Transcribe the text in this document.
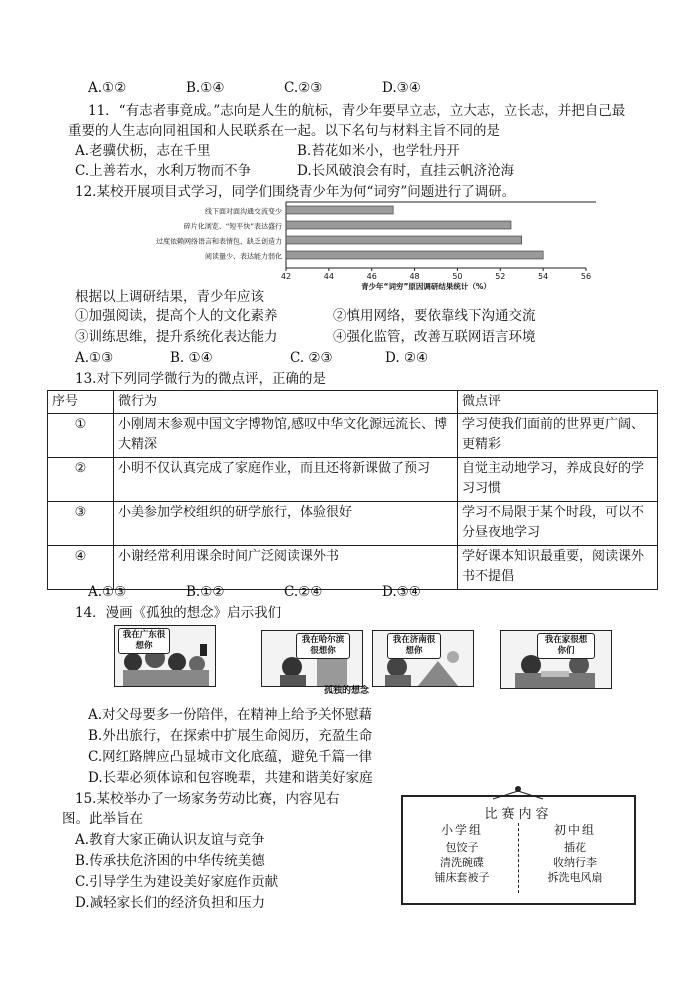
A.①②	B.①④	C.②③	D.③④
11．“有志者事竟成。”志向是人生的航标，青少年要早立志，立大志，立长志，并把自己最
重要的人生志向同祖国和人民联系在一起。以下名句与材料主旨不同的是
A.老骥伏枥，志在千里	B.苔花如米小，也学牡丹开
C.上善若水，水利万物而不争	D.长风破浪会有时，直挂云帆济沧海
12.某校开展项目式学习，同学们围绕青少年为何“词穷”问题进行了调研。
线下面对面沟通交流变少
碎片化浏览、“短平快”表达盛行
过度依赖网络语言和表情包，缺乏创造力
阅读量少、表达能力弱化
42	44	46	48	50	52	54	56
青少年“词穷”原因调研结果统计（%）
根据以上调研结果，青少年应该
①加强阅读，提高个人的文化素养	②慎用网络，要依靠线下沟通交流
③训练思维，提升系统化表达能力	④强化监管，改善互联网语言环境
A.①③	B. ①④	C. ②③	D. ②④
13.对下列同学微行为的微点评，正确的是
序号	微行为	微点评
①	小刚周末参观中国文字博物馆,感叹中华文化源远流长、博大精深	学习使我们面前的世界更广阔、更精彩
②	小明不仅认真完成了家庭作业，而且还将新课做了预习	自觉主动地学习，养成良好的学习习惯
③	小美参加学校组织的研学旅行，体验很好	学习不局限于某个时段，可以不分昼夜地学习
④	小谢经常利用课余时间广泛阅读课外书	学好课本知识最重要，阅读课外书不提倡
A.①③	B.①②	C.②④	D.③④
14．漫画《孤独的想念》启示我们
我在广东很想你
我在哈尔滨很想你
我在济南很想你
我在家很想你们
孤独的想念
A.对父母要多一份陪伴，在精神上给予关怀慰藉
B.外出旅行，在探索中扩展生命阅历，充盈生命
C.网红路牌应凸显城市文化底蕴，避免千篇一律
D.长辈必须体谅和包容晚辈，共建和谐美好家庭
15.某校举办了一场家务劳动比赛，内容见右
图。此举旨在
A.教育大家正确认识友谊与竞争
B.传承扶危济困的中华传统美德
C.引导学生为建设美好家庭作贡献
D.减轻家长们的经济负担和压力
比赛内容
小学组
包饺子
清洗碗碟
铺床套被子
初中组
插花
收纳行李
拆洗电风扇
